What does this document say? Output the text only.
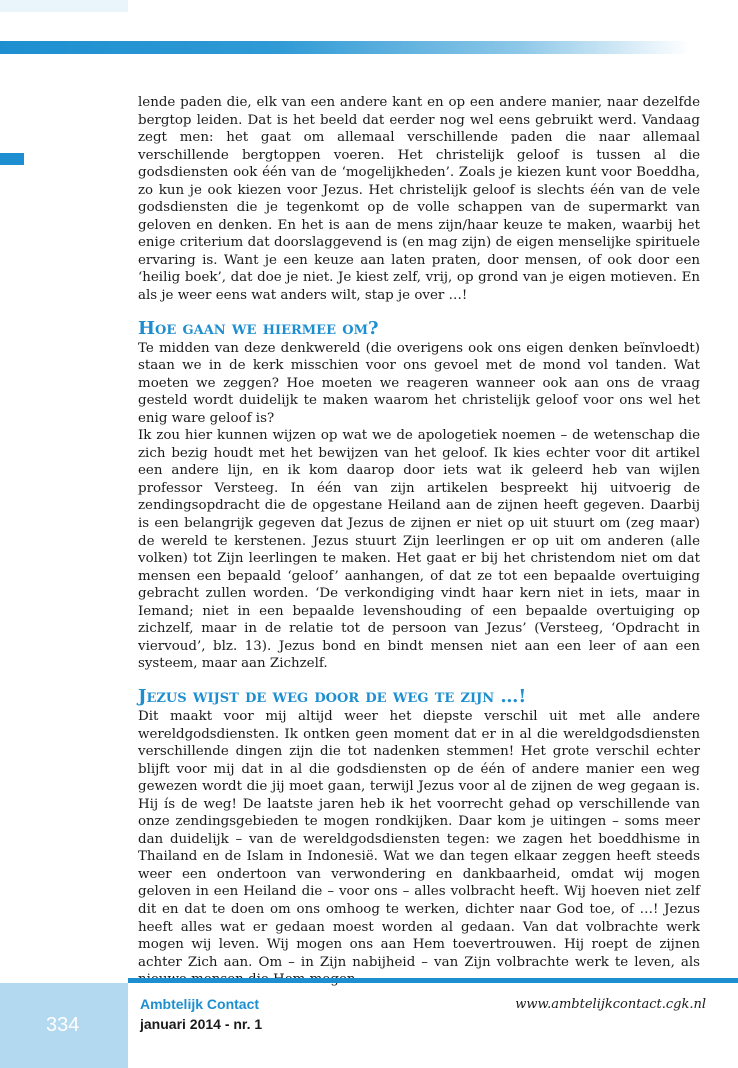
lende paden die, elk van een andere kant en op een andere manier, naar dezelfde bergtop leiden. Dat is het beeld dat eerder nog wel eens gebruikt werd. Vandaag zegt men: het gaat om allemaal verschillende paden die naar allemaal verschillende bergtoppen voeren. Het christelijk geloof is tussen al die godsdiensten ook één van de ‘mogelijkheden’. Zoals je kiezen kunt voor Boeddha, zo kun je ook kiezen voor Jezus. Het christelijk geloof is slechts één van de vele godsdiensten die je tegenkomt op de volle schappen van de supermarkt van geloven en denken. En het is aan de mens zijn/haar keuze te maken, waarbij het enige criterium dat doorslaggevend is (en mag zijn) de eigen menselijke spirituele ervaring is. Want je een keuze aan laten praten, door mensen, of ook door een ‘heilig boek’, dat doe je niet. Je kiest zelf, vrij, op grond van je eigen motieven. En als je weer eens wat anders wilt, stap je over …!

Hoe gaan we hiermee om?

Te midden van deze denkwereld (die overigens ook ons eigen denken beïnvloedt) staan we in de kerk misschien voor ons gevoel met de mond vol tanden. Wat moeten we zeggen? Hoe moeten we reageren wanneer ook aan ons de vraag gesteld wordt duidelijk te maken waarom het christelijk geloof voor ons wel het enig ware geloof is?

Ik zou hier kunnen wijzen op wat we de apologetiek noemen – de wetenschap die zich bezig houdt met het bewijzen van het geloof. Ik kies echter voor dit artikel een andere lijn, en ik kom daarop door iets wat ik geleerd heb van wijlen professor Versteeg. In één van zijn artikelen bespreekt hij uitvoerig de zendingsopdracht die de opgestane Heiland aan de zijnen heeft gegeven. Daarbij is een belangrijk gegeven dat Jezus de zijnen er niet op uit stuurt om (zeg maar) de wereld te kerstenen. Jezus stuurt Zijn leerlingen er op uit om anderen (alle volken) tot Zijn leerlingen te maken. Het gaat er bij het christendom niet om dat mensen een bepaald ‘geloof’ aanhangen, of dat ze tot een bepaalde overtuiging gebracht zullen worden. ‘De verkondiging vindt haar kern niet in iets, maar in Iemand; niet in een bepaalde levenshouding of een bepaalde overtuiging op zichzelf, maar in de relatie tot de persoon van Jezus’ (Versteeg, ‘Opdracht in viervoud’, blz. 13). Jezus bond en bindt mensen niet aan een leer of aan een systeem, maar aan Zichzelf.

Jezus wijst de weg door de weg te zijn …!

Dit maakt voor mij altijd weer het diepste verschil uit met alle andere wereldgodsdiensten. Ik ontken geen moment dat er in al die wereldgodsdiensten verschillende dingen zijn die tot nadenken stemmen! Het grote verschil echter blijft voor mij dat in al die godsdiensten op de één of andere manier een weg gewezen wordt die jij moet gaan, terwijl Jezus voor al de zijnen de weg gegaan is. Hij ís de weg! De laatste jaren heb ik het voorrecht gehad op verschillende van onze zendingsgebieden te mogen rondkijken. Daar kom je uitingen – soms meer dan duidelijk – van de wereldgodsdiensten tegen: we zagen het boeddhisme in Thailand en de Islam in Indonesië. Wat we dan tegen elkaar zeggen heeft steeds weer een ondertoon van verwondering en dankbaarheid, omdat wij mogen geloven in een Heiland die – voor ons – alles volbracht heeft. Wij hoeven niet zelf dit en dat te doen om ons omhoog te werken, dichter naar God toe, of …! Jezus heeft alles wat er gedaan moest worden al gedaan. Van dat volbrachte werk mogen wij leven. Wij mogen ons aan Hem toevertrouwen. Hij roept de zijnen achter Zich aan. Om – in Zijn nabijheid – van Zijn volbrachte werk te leven, als

334
Ambtelijk Contact
januari 2014 - nr. 1
www.ambtelijkcontact.cgk.nl
